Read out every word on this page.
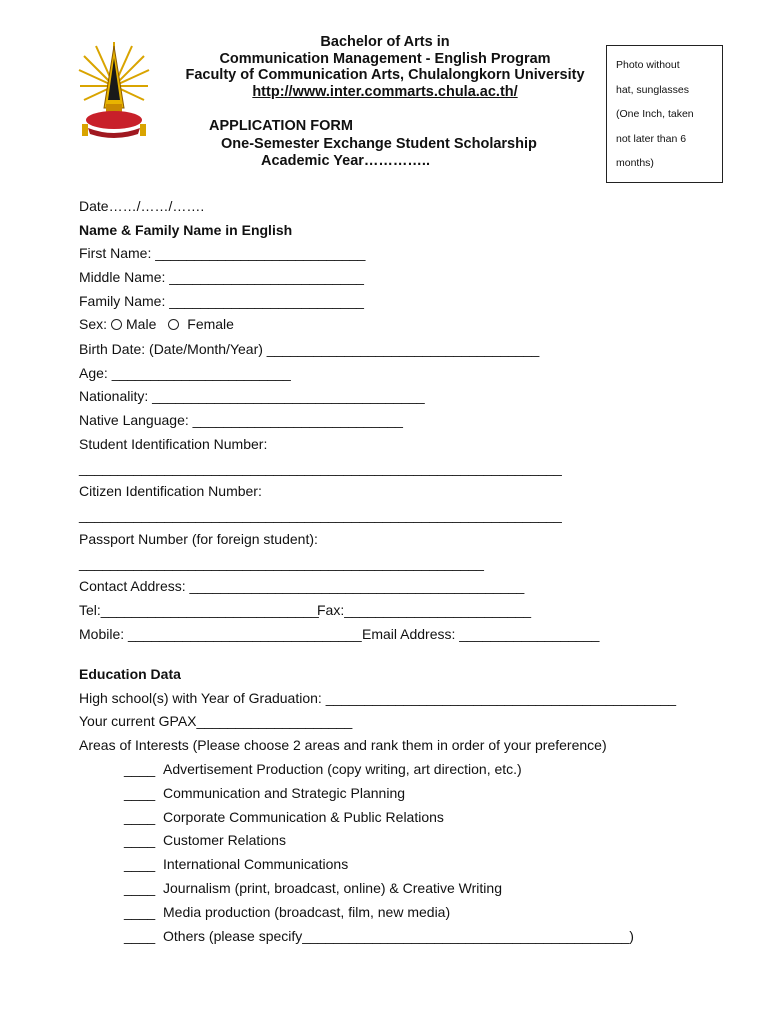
Bachelor of Arts in
Communication Management - English Program
Faculty of Communication Arts, Chulalongkorn University
http://www.inter.commarts.chula.ac.th/
APPLICATION FORM
One-Semester Exchange Student Scholarship
Academic Year…………..
Photo without
hat, sunglasses
(One Inch, taken
not later than 6
months)
Date……/……/…….
Name & Family Name in English
First Name: ___________________________
Middle Name: _________________________
Family Name: _________________________
Sex: Male Female
Birth Date: (Date/Month/Year) ___________________________________
Age: _______________________
Nationality: ___________________________________
Native Language: ___________________________
Student Identification Number:
______________________________________________________________
Citizen Identification Number:
______________________________________________________________
Passport Number (for foreign student):
____________________________________________________
Contact Address: ___________________________________________
Tel:____________________________
Fax:________________________
Mobile: ______________________________ Email Address: __________________
Education Data
High school(s) with Year of Graduation: _____________________________________________
Your current GPAX____________________
Areas of Interests (Please choose 2 areas and rank them in order of your preference)
____ Advertisement Production (copy writing, art direction, etc.)
____ Communication and Strategic Planning
____ Corporate Communication & Public Relations
____ Customer Relations
____ International Communications
____ Journalism (print, broadcast, online) & Creative Writing
____ Media production (broadcast, film, new media)
____ Others (please specify__________________________________________)
